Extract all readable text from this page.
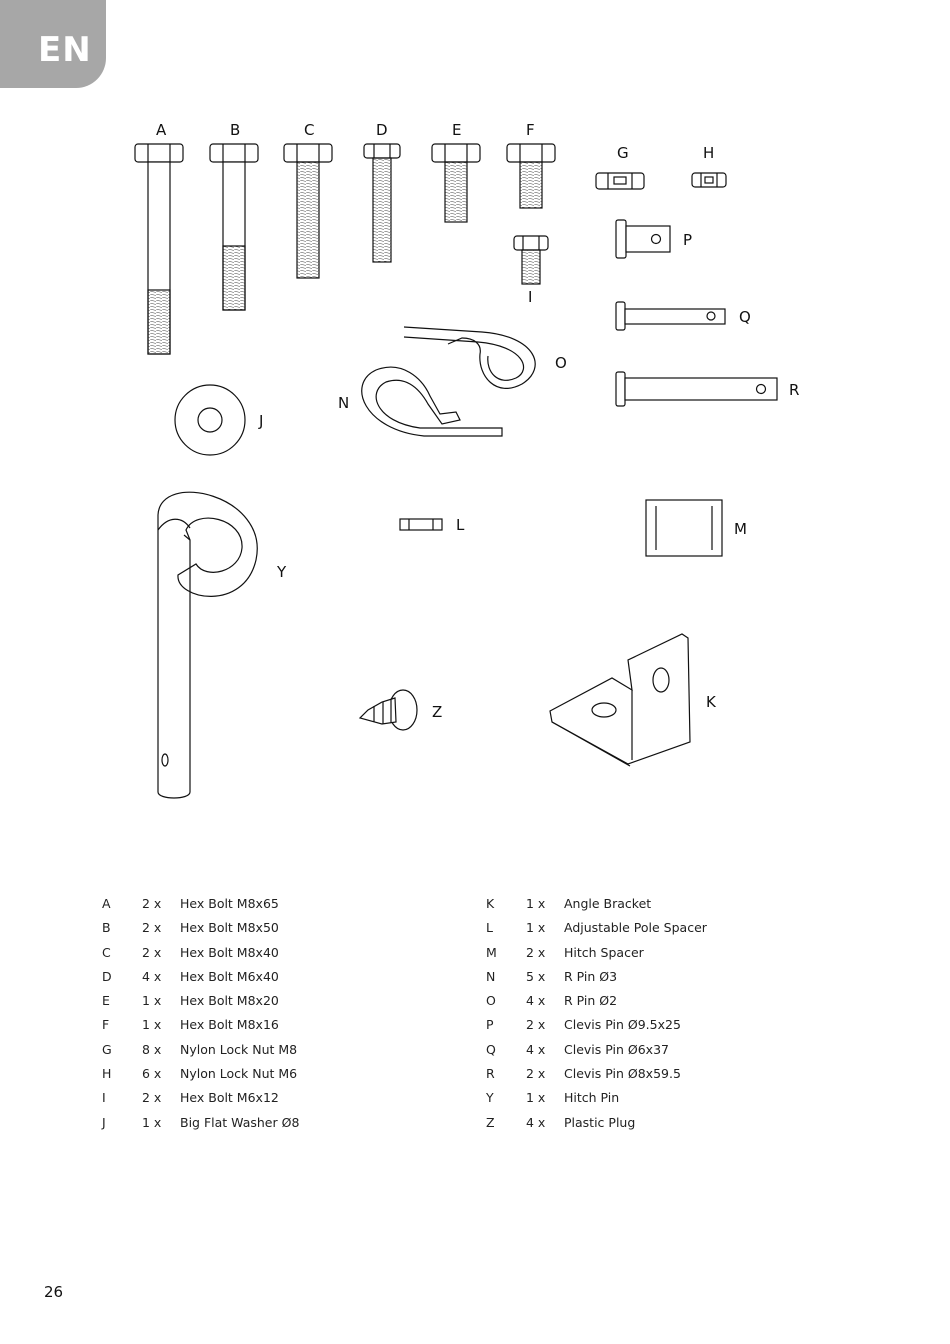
EN
A	B	C	D	E	F
G	H
I
J
K
L	M
N
O
P
Q
R
Y
Z
A	2 x Hex Bolt M8x65
B	2 x Hex Bolt M8x50
C	2 x Hex Bolt M8x40
D 4 x Hex Bolt M6x40
E	1 x Hex Bolt M8x20
F	1 x Hex Bolt M8x16
G 8 x Nylon Lock Nut M8
H 6 x Nylon Lock Nut M6
I	2 x Hex Bolt M6x12
J	1 x Big Flat Washer Ø8
K	1 x Angle Bracket
L	1 x Adjustable Pole Spacer
M 2 x Hitch Spacer
N 5 x R Pin Ø3
O 4 x R Pin Ø2
P	2 x Clevis Pin Ø9.5x25
Q 4 x Clevis Pin Ø6x37
R	2 x Clevis Pin Ø8x59.5
Y	1 x Hitch Pin
Z	4 x Plastic Plug
26
